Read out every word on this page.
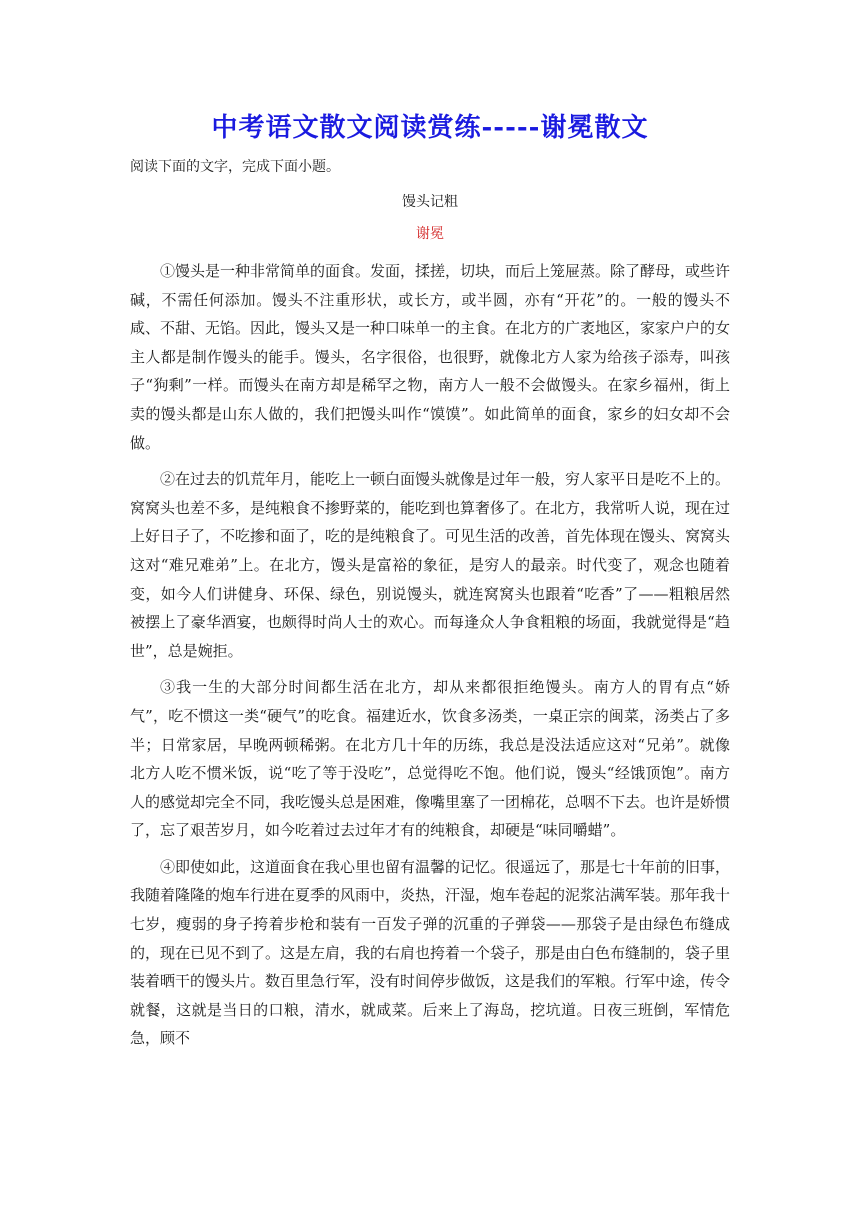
中考语文散文阅读赏练-----谢冕散文
阅读下面的文字，完成下面小题。
馒头记粗
谢冕

①馒头是一种非常简单的面食。发面，揉搓，切块，而后上笼屉蒸。除了酵母，或些许碱，不需任何添加。馒头不注重形状，或长方，或半圆，亦有“开花”的。一般的馒头不咸、不甜、无馅。因此，馒头又是一种口味单一的主食。在北方的广袤地区，家家户户的女主人都是制作馒头的能手。馒头，名字很俗，也很野，就像北方人家为给孩子添寿，叫孩子“狗剩”一样。而馒头在南方却是稀罕之物，南方人一般不会做馒头。在家乡福州，街上卖的馒头都是山东人做的，我们把馒头叫作“馍馍”。如此简单的面食，家乡的妇女却不会做。

②在过去的饥荒年月，能吃上一顿白面馒头就像是过年一般，穷人家平日是吃不上的。窝窝头也差不多，是纯粮食不掺野菜的，能吃到也算奢侈了。在北方，我常听人说，现在过上好日子了，不吃掺和面了，吃的是纯粮食了。可见生活的改善，首先体现在馒头、窝窝头这对“难兄难弟”上。在北方，馒头是富裕的象征，是穷人的最亲。时代变了，观念也随着变，如今人们讲健身、环保、绿色，别说馒头，就连窝窝头也跟着“吃香”了——粗粮居然被摆上了豪华酒宴，也颇得时尚人士的欢心。而每逢众人争食粗粮的场面，我就觉得是“趋世”，总是婉拒。

③我一生的大部分时间都生活在北方，却从来都很拒绝馒头。南方人的胃有点“娇气”，吃不惯这一类“硬气”的吃食。福建近水，饮食多汤类，一桌正宗的闽菜，汤类占了多半；日常家居，早晚两顿稀粥。在北方几十年的历练，我总是没法适应这对“兄弟”。就像北方人吃不惯米饭，说“吃了等于没吃”，总觉得吃不饱。他们说，馒头“经饿顶饱”。南方人的感觉却完全不同，我吃馒头总是困难，像嘴里塞了一团棉花，总咽不下去。也许是娇惯了，忘了艰苦岁月，如今吃着过去过年才有的纯粮食，却硬是“味同嚼蜡”。

④即使如此，这道面食在我心里也留有温馨的记忆。很遥远了，那是七十年前的旧事，我随着隆隆的炮车行进在夏季的风雨中，炎热，汗湿，炮车卷起的泥浆沾满军装。那年我十七岁，瘦弱的身子挎着步枪和装有一百发子弹的沉重的子弹袋——那袋子是由绿色布缝成的，现在已见不到了。这是左肩，我的右肩也挎着一个袋子，那是由白色布缝制的，袋子里装着晒干的馒头片。数百里急行军，没有时间停步做饭，这是我们的军粮。行军中途，传令就餐，这就是当日的口粮，清水，就咸菜。后来上了海岛，挖坑道。日夜三班倒，军情危急，顾不
